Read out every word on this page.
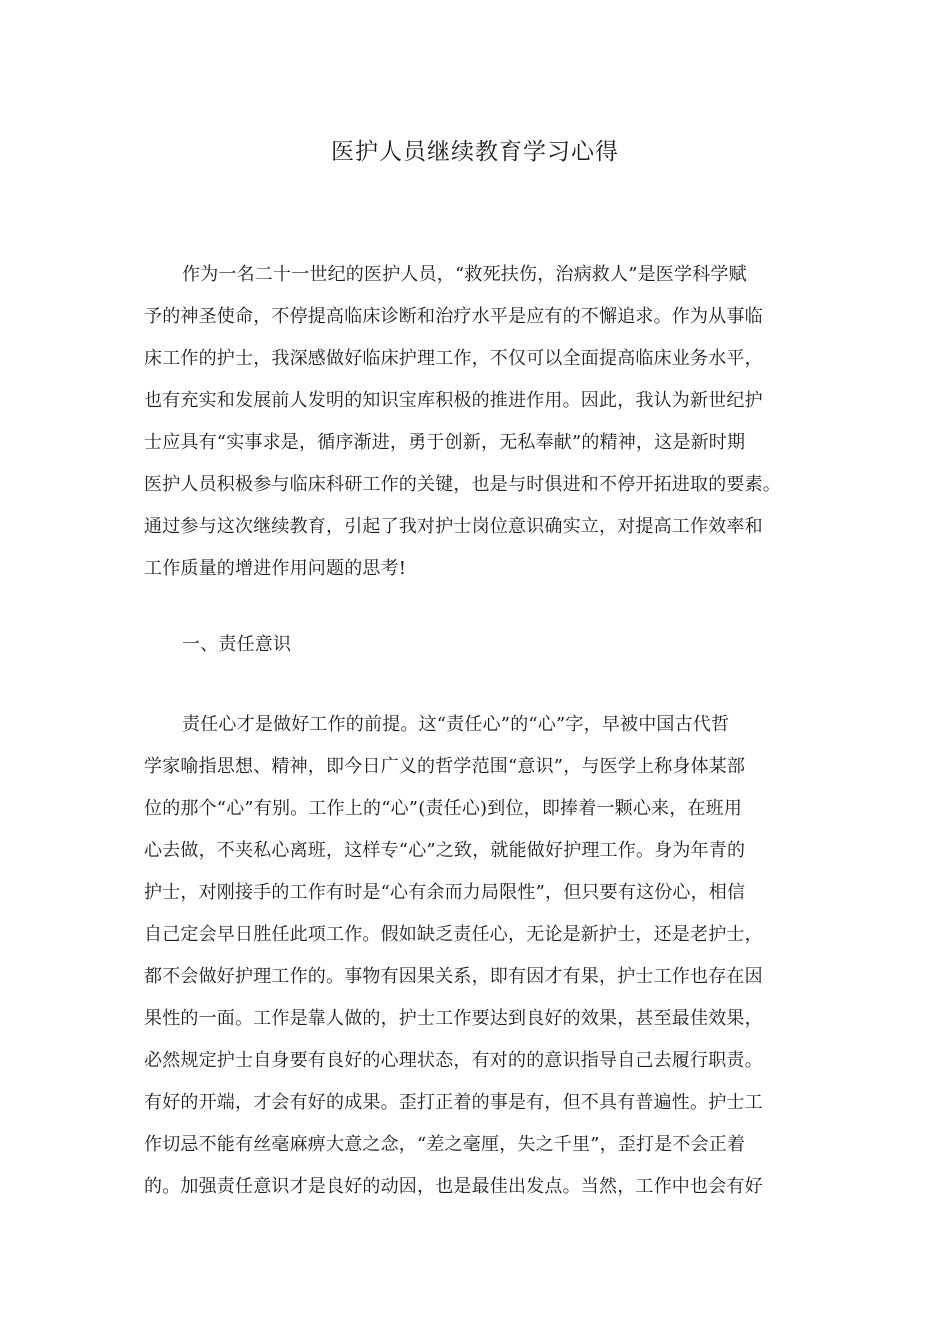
医护人员继续教育学习心得
作为一名二十一世纪的医护人员，“救死扶伤，治病救人”是医学科学赋
予的神圣使命，不停提高临床诊断和治疗水平是应有的不懈追求。作为从事临
床工作的护士，我深感做好临床护理工作，不仅可以全面提高临床业务水平，
也有充实和发展前人发明的知识宝库积极的推进作用。因此，我认为新世纪护
士应具有“实事求是，循序渐进，勇于创新，无私奉献”的精神，这是新时期
医护人员积极参与临床科研工作的关键，也是与时俱进和不停开拓进取的要素。
通过参与这次继续教育，引起了我对护士岗位意识确实立，对提高工作效率和
工作质量的增进作用问题的思考!
一、责任意识
责任心才是做好工作的前提。这“责任心”的“心”字，早被中国古代哲
学家喻指思想、精神，即今日广义的哲学范围“意识”，与医学上称身体某部
位的那个“心”有别。工作上的“心”(责任心)到位，即捧着一颗心来，在班用
心去做，不夹私心离班，这样专“心”之致，就能做好护理工作。身为年青的
护士，对刚接手的工作有时是“心有余而力局限性”，但只要有这份心，相信
自己定会早日胜任此项工作。假如缺乏责任心，无论是新护士，还是老护士，
都不会做好护理工作的。事物有因果关系，即有因才有果，护士工作也存在因
果性的一面。工作是靠人做的，护士工作要达到良好的效果，甚至最佳效果，
必然规定护士自身要有良好的心理状态，有对的的意识指导自己去履行职责。
有好的开端，才会有好的成果。歪打正着的事是有，但不具有普遍性。护士工
作切忌不能有丝毫麻痹大意之念，“差之毫厘，失之千里”，歪打是不会正着
的。加强责任意识才是良好的动因，也是最佳出发点。当然，工作中也会有好
